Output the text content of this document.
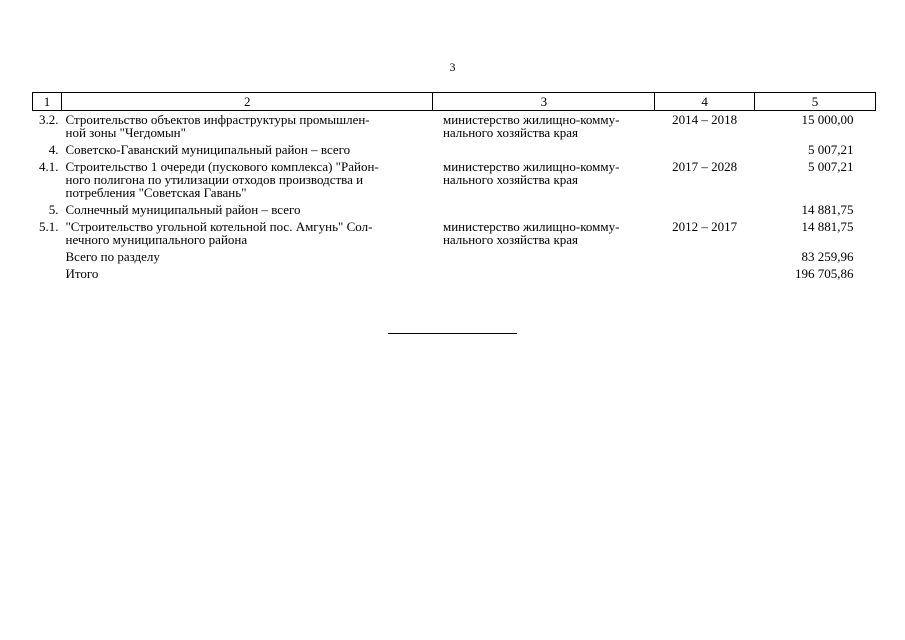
3
1	2	3	4	5
3.2.	Строительство объектов инфраструктуры промышлен-
ной зоны "Чегдомын"	министерство жилищно-комму-
нального хозяйства края	2014 – 2018	15 000,00
4.	Советско-Гаванский муниципальный район – всего			5 007,21
4.1.	Строительство 1 очереди (пускового комплекса) "Район-
ного полигона по утилизации отходов производства и
потребления "Советская Гавань"	министерство жилищно-комму-
нального хозяйства края	2017 – 2028	5 007,21
5.	Солнечный муниципальный район – всего			14 881,75
5.1.	"Строительство угольной котельной пос. Амгунь" Сол-
нечного муниципального района	министерство жилищно-комму-
нального хозяйства края	2012 – 2017	14 881,75
	Всего по разделу			83 259,96
	Итого			196 705,86
